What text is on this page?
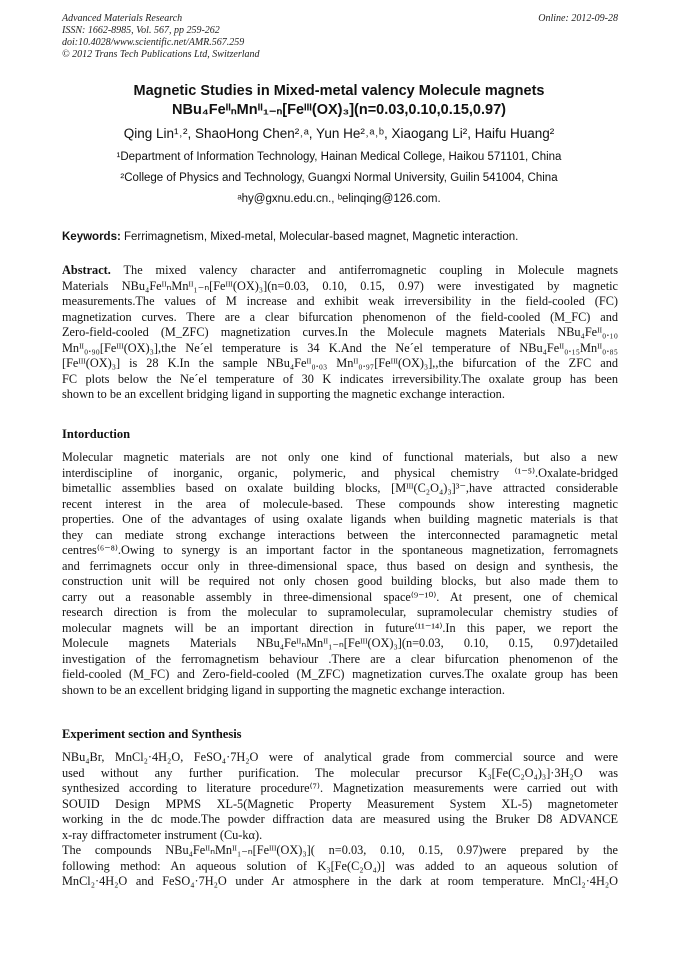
Advanced Materials Research
ISSN: 1662-8985, Vol. 567, pp 259-262
doi:10.4028/www.scientific.net/AMR.567.259
© 2012 Trans Tech Publications Ltd, Switzerland
Online: 2012-09-28
Magnetic Studies in Mixed-metal valency Molecule magnets
NBu₄FeᴵᴵₙMnᴵᴵ₁₋ₙ[Feᴵᴵᴵ(OX)₃](n=0.03,0.10,0.15,0.97)
Qing Lin¹˒², ShaoHong Chen²˒ᵃ, Yun He²˒ᵃ˒ᵇ, Xiaogang Li², Haifu Huang²
¹Department of Information Technology, Hainan Medical College, Haikou 571101, China
²College of Physics and Technology, Guangxi Normal University, Guilin 541004, China
ᵃhy@gxnu.edu.cn., ᵇelinqing@126.com.
Keywords: Ferrimagnetism, Mixed-metal, Molecular-based magnet, Magnetic interaction.
Abstract. The mixed valency character and antiferromagnetic coupling in Molecule magnets
Materials NBu₄FeᴵᴵₙMnᴵᴵ₁₋ₙ[Feᴵᴵᴵ(OX)₃](n=0.03, 0.10, 0.15, 0.97) were investigated by magnetic
measurements.The values of M increase and exhibit weak irreversibility in the field-cooled (FC)
magnetization curves. There are a clear bifurcation phenomenon of the field-cooled (M_FC) and
Zero-field-cooled (M_ZFC) magnetization curves.In the Molecule magnets Materials NBu₄Feᴵᴵ₀.₁₀
Mnᴵᴵ₀.₉₀[Feᴵᴵᴵ(OX)₃],the Ne´el temperature is 34 K.And the Ne´el temperature of NBu₄Feᴵᴵ₀.₁₅Mnᴵᴵ₀.₈₅
[Feᴵᴵᴵ(OX)₃] is 28 K.In the sample NBu₄Feᴵᴵ₀.₀₃ Mnᴵᴵ₀.₉₇[Feᴵᴵᴵ(OX)₃],,the bifurcation of the ZFC and
FC plots below the Ne´el temperature of 30 K indicates irreversibility.The oxalate group has been
shown to be an excellent bridging ligand in supporting the magnetic exchange interaction.
Intorduction
Molecular magnetic materials are not only one kind of functional materials, but also a new
interdiscipline of inorganic, organic, polymeric, and physical chemistry ⁽¹⁻⁵⁾.Oxalate-bridged
bimetallic assemblies based on oxalate building blocks, [Mᴵᴵᴵ(C₂O₄)₃]³⁻,have attracted considerable
recent interest in the area of molecule-based. These compounds show interesting magnetic
properties. One of the advantages of using oxalate ligands when building magnetic materials is that
they can mediate strong exchange interactions between the interconnected paramagnetic metal
centres⁽⁶⁻⁸⁾.Owing to synergy is an important factor in the spontaneous magnetization, ferromagnets
and ferrimagnets occur only in three-dimensional space, thus based on design and synthesis, the
construction unit will be required not only chosen good building blocks, but also made them to
carry out a reasonable assembly in three-dimensional space⁽⁹⁻¹⁰⁾. At present, one of chemical
research direction is from the molecular to supramolecular, supramolecular chemistry studies of
molecular magnets will be an important direction in future⁽¹¹⁻¹⁴⁾.In this paper, we report the
Molecule magnets Materials NBu₄FeᴵᴵₙMnᴵᴵ₁₋ₙ[Feᴵᴵᴵ(OX)₃](n=0.03, 0.10, 0.15, 0.97)detailed
investigation of the ferromagnetism behaviour .There are a clear bifurcation phenomenon of the
field-cooled (M_FC) and Zero-field-cooled (M_ZFC) magnetization curves.The oxalate group has been
shown to be an excellent bridging ligand in supporting the magnetic exchange interaction.
Experiment section and Synthesis
NBu₄Br, MnCl₂·4H₂O, FeSO₄·7H₂O were of analytical grade from commercial source and were
used without any further purification. The molecular precursor K₃[Fe(C₂O₄)₃]·3H₂O was
synthesized according to literature procedure⁽⁷⁾. Magnetization measurements were carried out with
SOUID Design MPMS XL-5(Magnetic Property Measurement System XL-5) magnetometer
working in the dc mode.The powder diffraction data are measured using the Bruker D8 ADVANCE
x-ray diffractometer instrument (Cu-kα).
The compounds NBu₄FeᴵᴵₙMnᴵᴵ₁₋ₙ[Feᴵᴵᴵ(OX)₃]( n=0.03, 0.10, 0.15, 0.97)were prepared by the
following method: An aqueous solution of K₃[Fe(C₂O₄)] was added to an aqueous solution of
MnCl₂·4H₂O and FeSO₄·7H₂O under Ar atmosphere in the dark at room temperature. MnCl₂·4H₂O
